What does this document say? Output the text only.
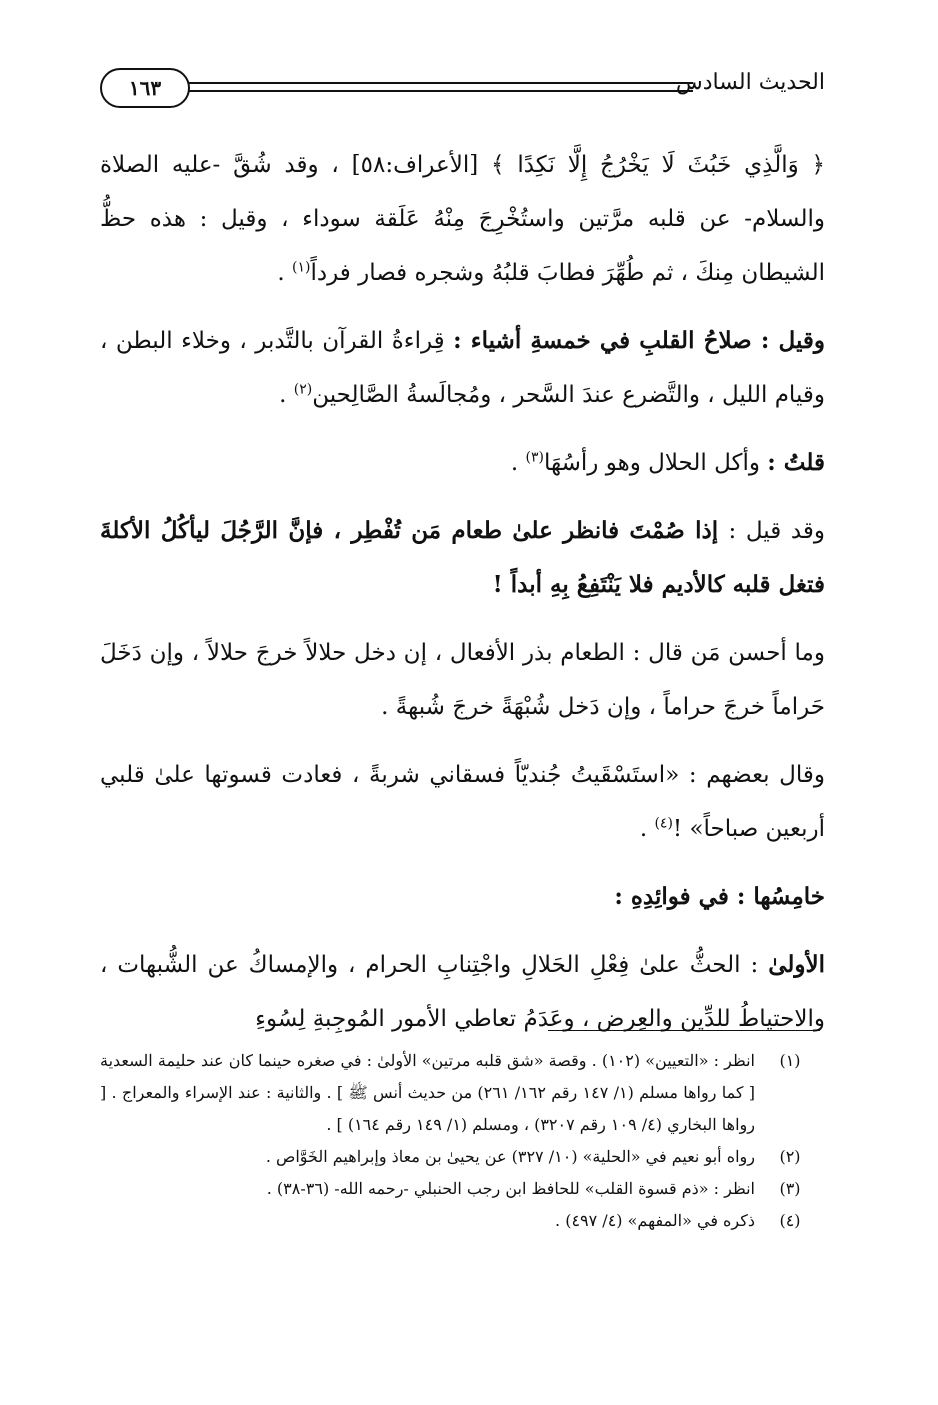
١٦٣	الحديث السادس

﴿ وَالَّذِي خَبُثَ لَا يَخْرُجُ إِلَّا نَكِدًا ﴾ [الأعراف:٥٨] ، وقد شُقَّ -عليه الصلاة والسلام- عن قلبه مرَّتين واستُخْرِجَ مِنْهُ عَلَقة سوداء ، وقيل : هذه حظُّ الشيطان مِنكَ ، ثم طُهِّرَ فطابَ قلبُهُ وشجره فصار فرداً$^{(١)}$ .

وقيل : صلاحُ القلبِ في خمسةِ أشياء : قِراءةُ القرآن بالتَّدبر ، وخلاء البطن ، وقيام الليل ، والتَّضرع عندَ السَّحر ، ومُجالَسةُ الصَّالِحين$^{(٢)}$ .

قلتُ : وأكل الحلال وهو رأسُهَا$^{(٣)}$ .

وقد قيل : إذا صُمْتَ فانظر علىٰ طعام مَن تُفْطِر ، فإنَّ الرَّجُلَ ليأكُلُ الأكلةَ فتغل قلبه كالأديم فلا يَنْتَفِعُ بِهِ أبداً !

وما أحسن مَن قال : الطعام بذر الأفعال ، إن دخل حلالاً خرجَ حلالاً ، وإن دَخَلَ حَراماً خرجَ حراماً ، وإن دَخل شُبْهَةً خرجَ شُبهةً .

وقال بعضهم : «استَسْقَيتُ جُنديّاً فسقاني شربةً ، فعادت قسوتها علىٰ قلبي أربعين صباحاً» !$^{(٤)}$ .

خامِسُها : في فوائِدِهِ :

الأولىٰ : الحثُّ علىٰ فِعْلِ الحَلالِ واجْتِنابِ الحرام ، والإمساكُ عن الشُّبهات ، والاحتياطُ للدِّين والعِرض ، وعَدَمُ تعاطي الأمور المُوجِبةِ لِسُوءِ

(١)
انظر : «التعيين» (١٠٢) . وقصة «شق قلبه مرتين» الأولىٰ : في صغره حينما كان عند حليمة السعدية [ كما رواها مسلم (١/ ١٤٧ رقم ١٦٢/ ٢٦١) من حديث أنس ﷺ ] . والثانية : عند الإسراء والمعراج . [ رواها البخاري (٤/ ١٠٩ رقم ٣٢٠٧) ، ومسلم (١/ ١٤٩ رقم ١٦٤) ] .
(٢)
رواه أبو نعيم في «الحلية» (١٠/ ٣٢٧) عن يحيىٰ بن معاذ وإبراهيم الخَوَّاص .
(٣)
انظر : «ذم قسوة القلب» للحافظ ابن رجب الحنبلي -رحمه الله- (٣٦-٣٨) .
(٤)
ذكره في «المفهم» (٤/ ٤٩٧) .
